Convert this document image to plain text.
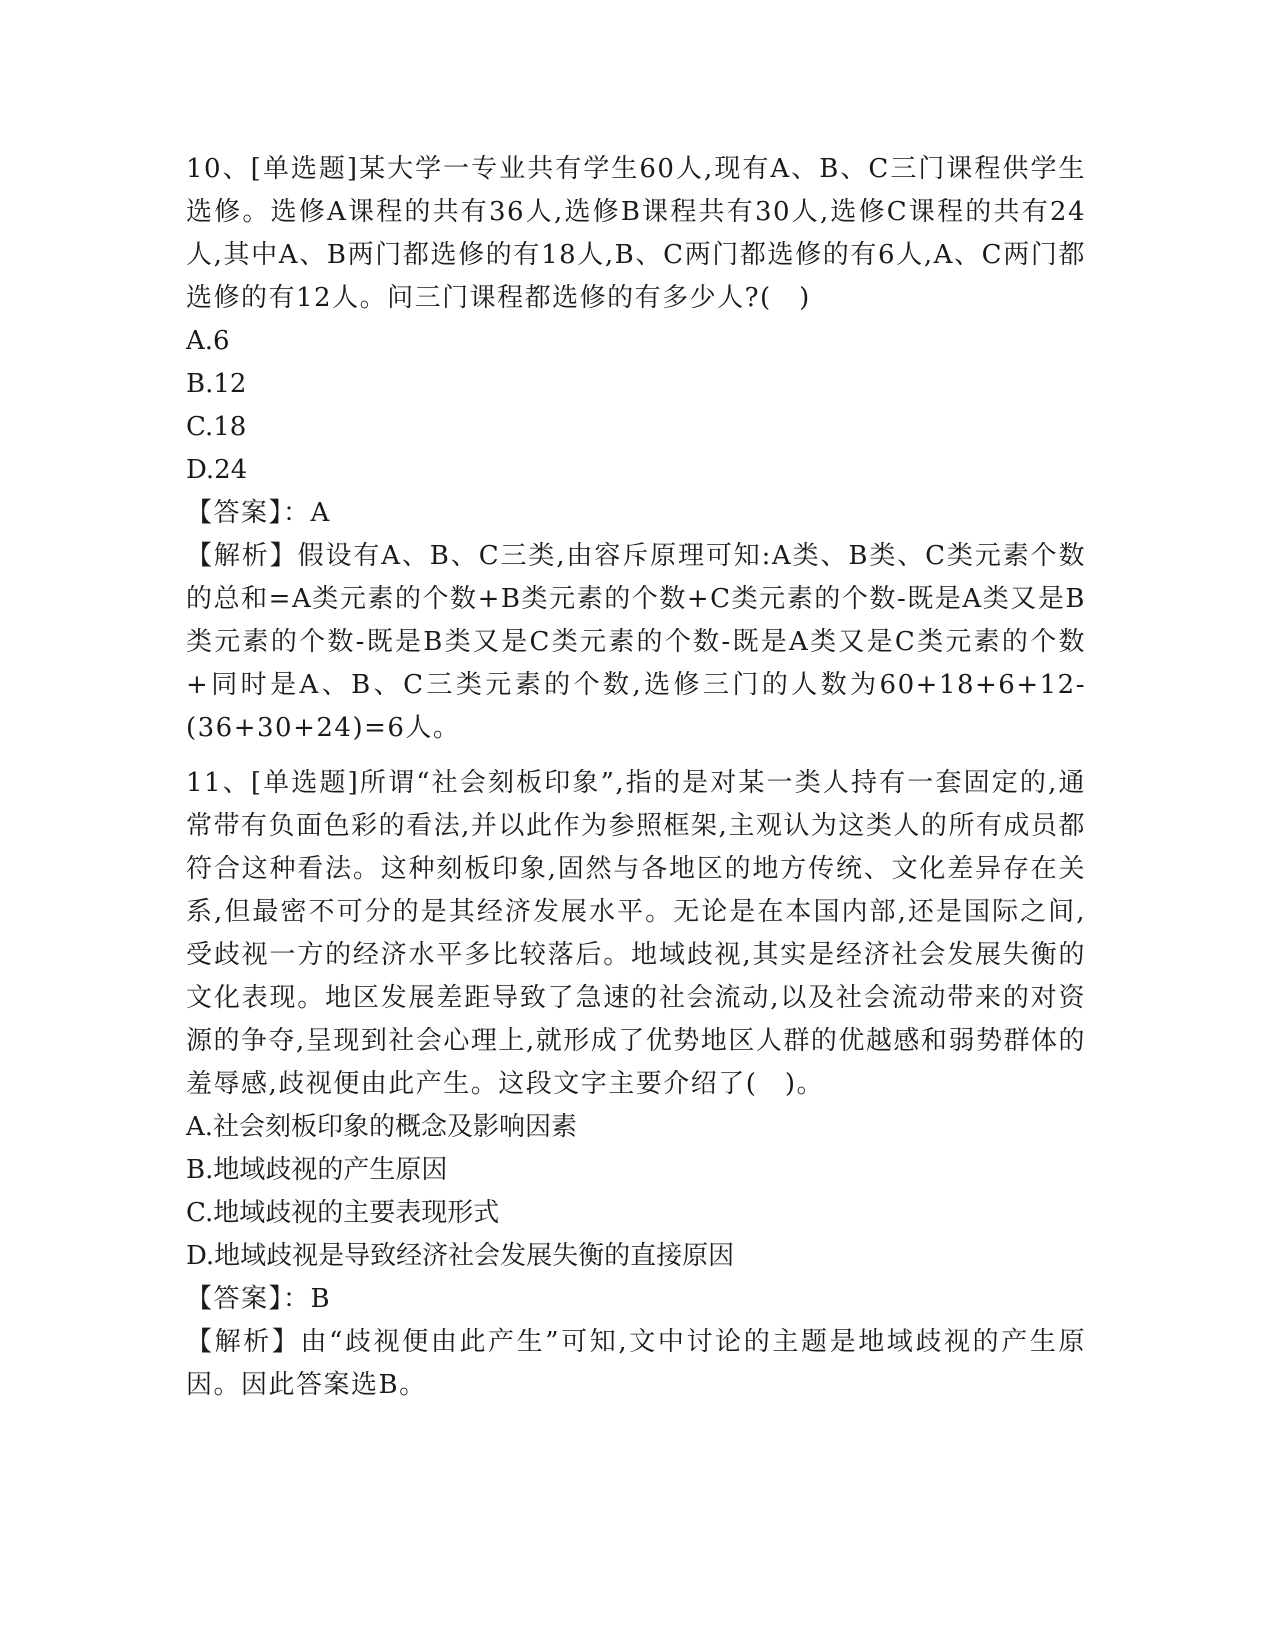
10、[单选题]某大学一专业共有学生60人,现有A、B、C三门课程供学生选修。选修A课程的共有36人,选修B课程共有30人,选修C课程的共有24人,其中A、B两门都选修的有18人,B、C两门都选修的有6人,A、C两门都选修的有12人。问三门课程都选修的有多少人?(　)

A.6

B.12

C.18

D.24

【答案】：A

【解析】假设有A、B、C三类,由容斥原理可知:A类、B类、C类元素个数的总和=A类元素的个数+B类元素的个数+C类元素的个数-既是A类又是B类元素的个数-既是B类又是C类元素的个数-既是A类又是C类元素的个数+同时是A、B、C三类元素的个数,选修三门的人数为60+18+6+12-(36+30+24)=6人。

11、[单选题]所谓“社会刻板印象”,指的是对某一类人持有一套固定的,通常带有负面色彩的看法,并以此作为参照框架,主观认为这类人的所有成员都符合这种看法。这种刻板印象,固然与各地区的地方传统、文化差异存在关系,但最密不可分的是其经济发展水平。无论是在本国内部,还是国际之间,受歧视一方的经济水平多比较落后。地域歧视,其实是经济社会发展失衡的文化表现。地区发展差距导致了急速的社会流动,以及社会流动带来的对资源的争夺,呈现到社会心理上,就形成了优势地区人群的优越感和弱势群体的羞辱感,歧视便由此产生。这段文字主要介绍了(　)。

A.社会刻板印象的概念及影响因素

B.地域歧视的产生原因

C.地域歧视的主要表现形式

D.地域歧视是导致经济社会发展失衡的直接原因

【答案】：B

【解析】由“歧视便由此产生”可知,文中讨论的主题是地域歧视的产生原因。因此答案选B。
